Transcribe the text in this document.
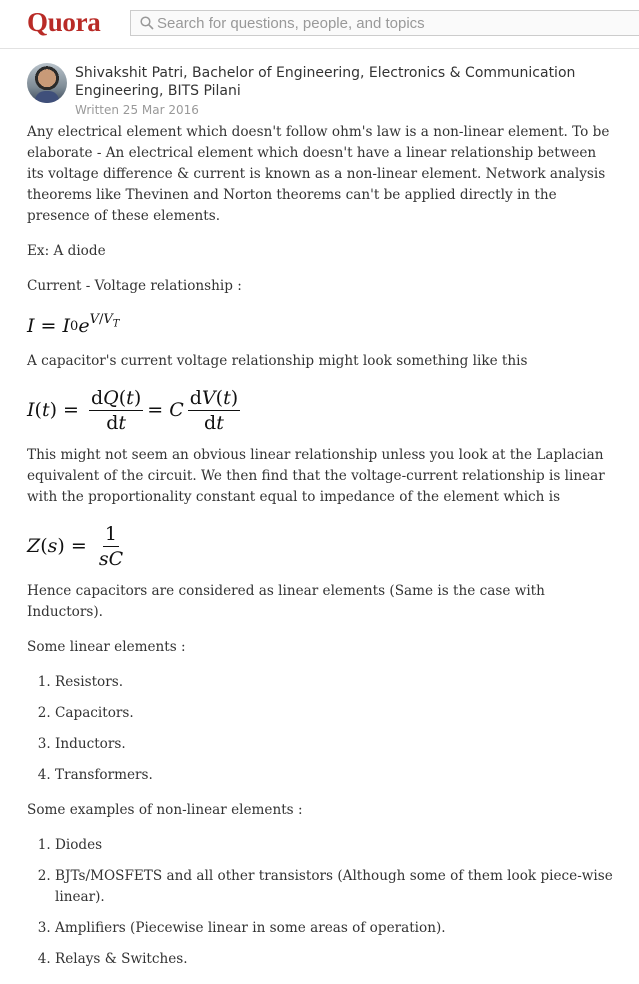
Quora
Search for questions, people, and topics
Shivakshit Patri, Bachelor of Engineering, Electronics & Communication Engineering, BITS Pilani
Written 25 Mar 2016

Any electrical element which doesn't follow ohm's law is a non-linear element. To be elaborate - An electrical element which doesn't have a linear relationship between its voltage difference & current is known as a non-linear element. Network analysis theorems like Thevinen and Norton theorems can't be applied directly in the presence of these elements.

Ex: A diode

Current - Voltage relationship :

I = I 0 e $^{V/V_T}$

A capacitor's current voltage relationship might look something like this

I ( t ) = $\frac{dQ(t)}{dt} = C \frac{dV(t)}{dt}$

This might not seem an obvious linear relationship unless you look at the Laplacian equivalent of the circuit. We then find that the voltage-current relationship is linear with the proportionality constant equal to impedance of the element which is

Z ( s ) = $\frac{1}{sC}$

Hence capacitors are considered as linear elements (Same is the case with Inductors).

Some linear elements :

1. Resistors.
2. Capacitors.
3. Inductors.
4. Transformers.

Some examples of non-linear elements :

1. Diodes
2. BJTs/MOSFETS and all other transistors (Although some of them look piece-wise linear).
3. Amplifiers (Piecewise linear in some areas of operation).
4. Relays & Switches.
